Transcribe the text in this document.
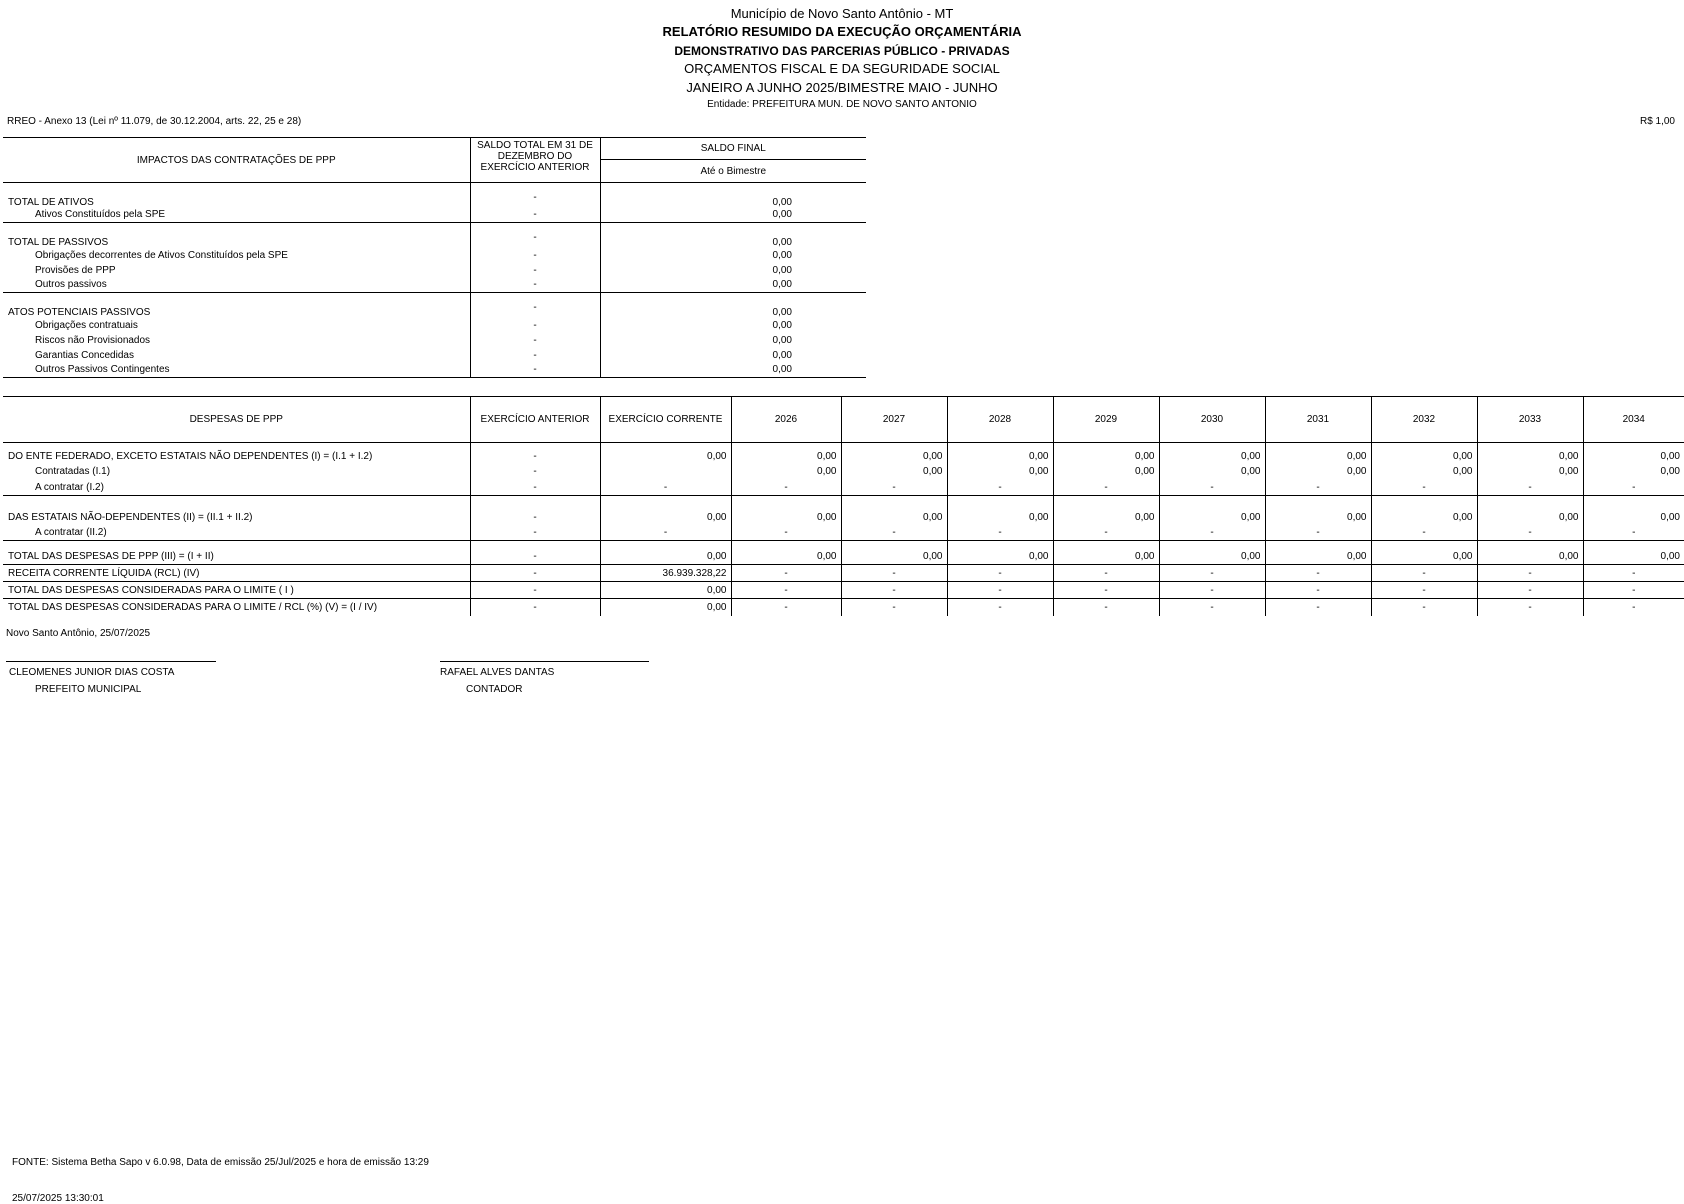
Município de Novo Santo Antônio - MT
RELATÓRIO RESUMIDO DA EXECUÇÃO ORÇAMENTÁRIA
DEMONSTRATIVO DAS PARCERIAS PÚBLICO - PRIVADAS
ORÇAMENTOS FISCAL E DA SEGURIDADE SOCIAL
JANEIRO A JUNHO 2025/BIMESTRE MAIO - JUNHO
Entidade: PREFEITURA MUN. DE NOVO SANTO ANTONIO
RREO - Anexo 13 (Lei nº 11.079, de 30.12.2004, arts. 22, 25 e 28)	R$ 1,00
IMPACTOS DAS CONTRATAÇÕES DE PPP	SALDO TOTAL EM 31 DE DEZEMBRO DO EXERCÍCIO ANTERIOR	SALDO FINAL	
		Até o Bimestre	
TOTAL DE ATIVOS	-		0,00
Ativos Constituídos pela SPE	-		0,00
TOTAL DE PASSIVOS	-		0,00
Obrigações decorrentes de Ativos Constituídos pela SPE	-		0,00
Provisões de PPP	-		0,00
Outros passivos	-		0,00
ATOS POTENCIAIS PASSIVOS	-		0,00
Obrigações contratuais	-		0,00
Riscos não Provisionados	-		0,00
Garantias Concedidas	-		0,00
Outros Passivos Contingentes	-		0,00
DESPESAS DE PPP	EXERCÍCIO ANTERIOR	EXERCÍCIO CORRENTE	2026	2027	2028	2029	2030	2031	2032	2033	2034
DO ENTE FEDERADO, EXCETO ESTATAIS NÃO DEPENDENTES (I) = (I.1 + I.2)	-	0,00	0,00	0,00	0,00	0,00	0,00	0,00	0,00	0,00	0,00
Contratadas (I.1)	-		0,00	0,00	0,00	0,00	0,00	0,00	0,00	0,00	0,00
A contratar (I.2)	-	-	-	-	-	-	-	-	-	-	-
DAS ESTATAIS NÃO-DEPENDENTES (II) = (II.1 + II.2)	-	0,00	0,00	0,00	0,00	0,00	0,00	0,00	0,00	0,00	0,00
A contratar (II.2)	-	-	-	-	-	-	-	-	-	-	-
TOTAL DAS DESPESAS DE PPP (III) = (I + II)	-	0,00	0,00	0,00	0,00	0,00	0,00	0,00	0,00	0,00	0,00
RECEITA CORRENTE LÍQUIDA (RCL) (IV)	-	36.939.328,22	-	-	-	-	-	-	-	-	-
TOTAL DAS DESPESAS CONSIDERADAS PARA O LIMITE ( I )	-	0,00	-	-	-	-	-	-	-	-	-
TOTAL DAS DESPESAS CONSIDERADAS PARA O LIMITE / RCL (%) (V) = (I / IV)	-	0,00	-	-	-	-	-	-	-	-	-
Novo Santo Antônio, 25/07/2025
CLEOMENES JUNIOR DIAS COSTA
PREFEITO MUNICIPAL
RAFAEL ALVES DANTAS
CONTADOR
FONTE: Sistema Betha Sapo v 6.0.98, Data de emissão 25/Jul/2025 e hora de emissão 13:29
25/07/2025 13:30:01
